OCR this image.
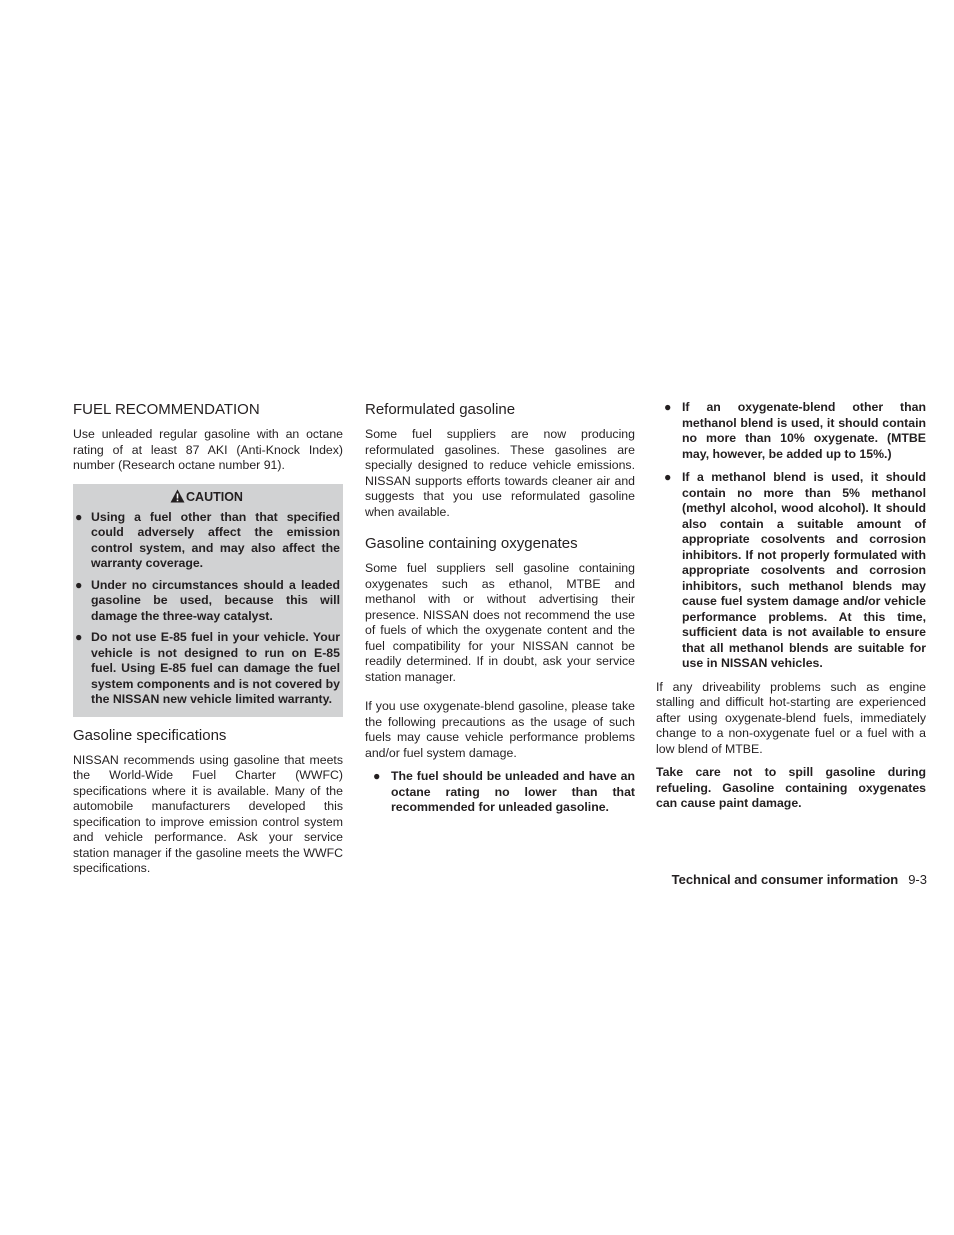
FUEL RECOMMENDATION

Use unleaded regular gasoline with an octane rating of at least 87 AKI (Anti-Knock Index) number (Research octane number 91).

CAUTION
● Using a fuel other than that specified could adversely affect the emission control system, and may also affect the warranty coverage.
● Under no circumstances should a leaded gasoline be used, because this will damage the three-way catalyst.
● Do not use E-85 fuel in your vehicle. Your vehicle is not designed to run on E-85 fuel. Using E-85 fuel can damage the fuel system components and is not covered by the NISSAN new vehicle limited warranty.
Gasoline specifications

NISSAN recommends using gasoline that meets the World-Wide Fuel Charter (WWFC) specifications where it is available. Many of the automobile manufacturers developed this specification to improve emission control system and vehicle performance. Ask your service station manager if the gasoline meets the WWFC specifications.

Reformulated gasoline

Some fuel suppliers are now producing reformulated gasolines. These gasolines are specially designed to reduce vehicle emissions. NISSAN supports efforts towards cleaner air and suggests that you use reformulated gasoline when available.

Gasoline containing oxygenates

Some fuel suppliers sell gasoline containing oxygenates such as ethanol, MTBE and methanol with or without advertising their presence. NISSAN does not recommend the use of fuels of which the oxygenate content and the fuel compatibility for your NISSAN cannot be readily determined. If in doubt, ask your service station manager.

If you use oxygenate-blend gasoline, please take the following precautions as the usage of such fuels may cause vehicle performance problems and/or fuel system damage.

● The fuel should be unleaded and have an octane rating no lower than that recommended for unleaded gasoline.
● If an oxygenate-blend other than methanol blend is used, it should contain no more than 10% oxygenate. (MTBE may, however, be added up to 15%.)
● If a methanol blend is used, it should contain no more than 5% methanol (methyl alcohol, wood alcohol). It should also contain a suitable amount of appropriate cosolvents and corrosion inhibitors. If not properly formulated with appropriate cosolvents and corrosion inhibitors, such methanol blends may cause fuel system damage and/or vehicle performance problems. At this time, sufficient data is not available to ensure that all methanol blends are suitable for use in NISSAN vehicles.

If any driveability problems such as engine stalling and difficult hot-starting are experienced after using oxygenate-blend fuels, immediately change to a non-oxygenate fuel or a fuel with a low blend of MTBE.

Take care not to spill gasoline during refueling. Gasoline containing oxygenates can cause paint damage.

Technical and consumer information 9-3
